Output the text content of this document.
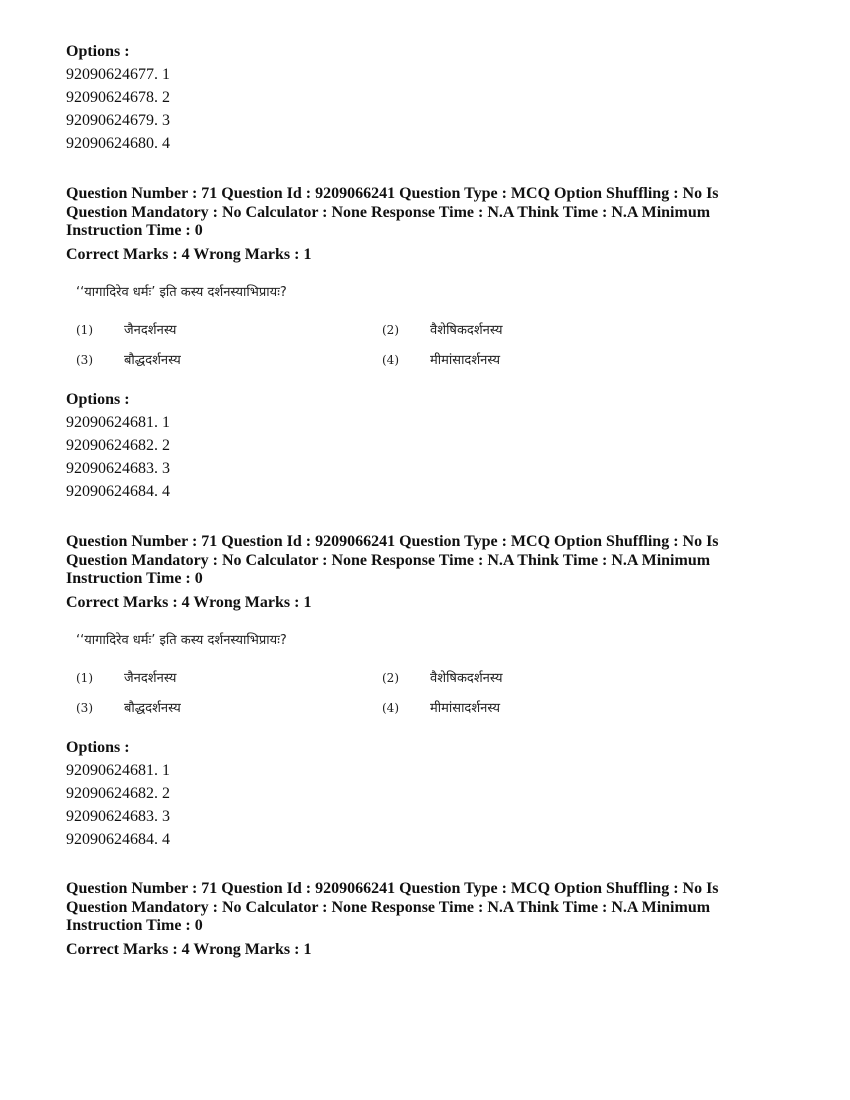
Options :
92090624677. 1
92090624678. 2
92090624679. 3
92090624680. 4
Question Number : 71 Question Id : 9209066241 Question Type : MCQ Option Shuffling : No Is Question Mandatory : No Calculator : None Response Time : N.A Think Time : N.A Minimum Instruction Time : 0
Correct Marks : 4 Wrong Marks : 1
‘‘यागादिरेव धर्मः’ इति कस्य दर्शनस्याभिप्रायः?
(1) जैनदर्शनस्य	(2) वैशेषिकदर्शनस्य
(3) बौद्धदर्शनस्य	(4) मीमांसादर्शनस्य
Options :
92090624681. 1
92090624682. 2
92090624683. 3
92090624684. 4
Question Number : 71 Question Id : 9209066241 Question Type : MCQ Option Shuffling : No Is Question Mandatory : No Calculator : None Response Time : N.A Think Time : N.A Minimum Instruction Time : 0
Correct Marks : 4 Wrong Marks : 1
‘‘यागादिरेव धर्मः’ इति कस्य दर्शनस्याभिप्रायः?
(1) जैनदर्शनस्य	(2) वैशेषिकदर्शनस्य
(3) बौद्धदर्शनस्य	(4) मीमांसादर्शनस्य
Options :
92090624681. 1
92090624682. 2
92090624683. 3
92090624684. 4
Question Number : 71 Question Id : 9209066241 Question Type : MCQ Option Shuffling : No Is Question Mandatory : No Calculator : None Response Time : N.A Think Time : N.A Minimum Instruction Time : 0
Correct Marks : 4 Wrong Marks : 1
